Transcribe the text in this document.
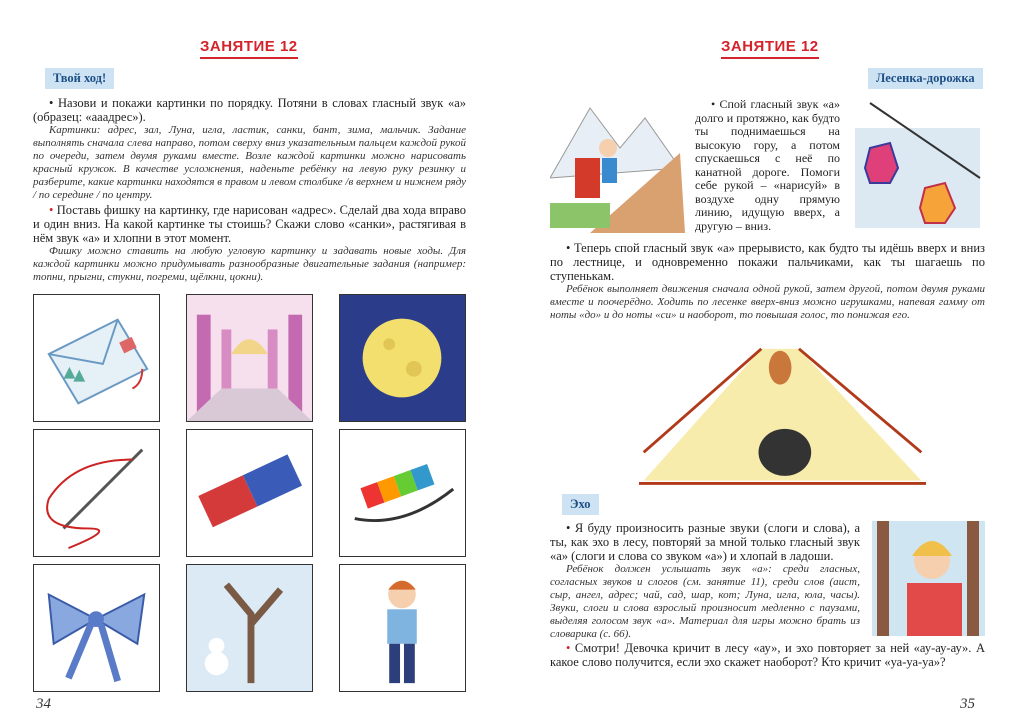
ЗАНЯТИЕ 12
Твой ход!

• Назови и покажи картинки по порядку. Потяни в словах гласный звук «а» (образец: «ааадрес»).

Картинки: адрес, зал, Луна, игла, ластик, санки, бант, зима, мальчик. Задание выполнять сначала слева направо, потом сверху вниз указательным пальцем каждой рукой по очереди, затем двумя руками вместе. Возле каждой картинки можно нарисовать красный кружок. В качестве усложнения, наденьте ребёнку на левую руку резинку и разберите, какие картинки находятся в правом и левом столбике /в верхнем и нижнем ряду / по середине / по центру.

• Поставь фишку на картинку, где нарисован «адрес». Сделай два хода вправо и один вниз. На какой картинке ты стоишь? Скажи слово «санки», растягивая в нём звук «а» и хлопни в этот момент.

Фишку можно ставить на любую угловую картинку и задавать новые ходы. Для каждой картинки можно придумывать разнообразные двигательные задания (например: топни, прыгни, стукни, погреми, щёлкни, цокни).

34
ЗАНЯТИЕ 12
Лесенка-дорожка

• Спой гласный звук «а» долго и протяжно, как будто ты поднимаешься на высокую гору, а потом спускаешься с неё по канатной дороге. Помоги себе рукой – «нарисуй» в воздухе одну прямую линию, идущую вверх, а другую – вниз.

• Теперь спой гласный звук «а» прерывисто, как будто ты идёшь вверх и вниз по лестнице, и одновременно покажи пальчиками, как ты шагаешь по ступенькам.

Ребёнок выполняет движения сначала одной рукой, затем другой, потом двумя руками вместе и поочерёдно. Ходить по лесенке вверх-вниз можно игрушками, напевая гамму от ноты «до» и до ноты «си» и наоборот, то повышая голос, то понижая его.

Эхо

• Я буду произносить разные звуки (слоги и слова), а ты, как эхо в лесу, повторяй за мной только гласный звук «а» (слоги и слова со звуком «а») и хлопай в ладоши.

Ребёнок должен услышать звук «а»: среди гласных, согласных звуков и слогов (см. занятие 11), среди слов (аист, сыр, ангел, адрес; чай, сад, шар, кот; Луна, игла, юла, часы). Звуки, слоги и слова взрослый произносит медленно с паузами, выделяя голосом звук «а». Материал для игры можно брать из словарика (с. 66).

• Смотри! Девочка кричит в лесу «ау», и эхо повторяет за ней «ау-ау-ау». А какое слово получится, если эхо скажет наоборот? Кто кричит «уа-уа-уа»?

35
